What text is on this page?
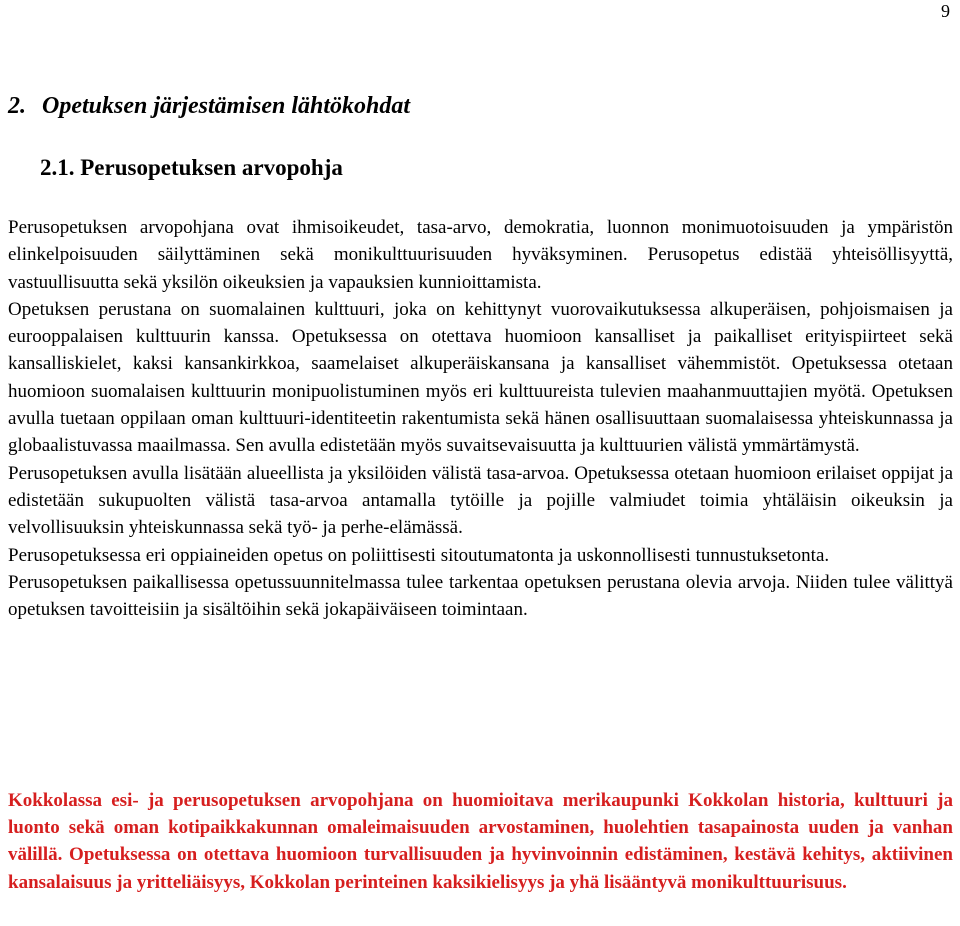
9
2. Opetuksen järjestämisen lähtökohdat
2.1. Perusopetuksen arvopohja

Perusopetuksen arvopohjana ovat ihmisoikeudet, tasa-arvo, demokratia, luonnon monimuotoisuuden ja ympäristön elinkelpoisuuden säilyttäminen sekä monikulttuurisuuden hyväksyminen. Perusopetus edistää yhteisöllisyyttä, vastuullisuutta sekä yksilön oikeuksien ja vapauksien kunnioittamista.

Opetuksen perustana on suomalainen kulttuuri, joka on kehittynyt vuorovaikutuksessa alkuperäisen, pohjoismaisen ja eurooppalaisen kulttuurin kanssa. Opetuksessa on otettava huomioon kansalliset ja paikalliset erityispiirteet sekä kansalliskielet, kaksi kansankirkkoa, saamelaiset alkuperäiskansana ja kansalliset vähemmistöt. Opetuksessa otetaan huomioon suomalaisen kulttuurin monipuolistuminen myös eri kulttuureista tulevien maahanmuuttajien myötä. Opetuksen avulla tuetaan oppilaan oman kulttuuri-identiteetin rakentumista sekä hänen osallisuuttaan suomalaisessa yhteiskunnassa ja globaalistuvassa maailmassa. Sen avulla edistetään myös suvaitsevaisuutta ja kulttuurien välistä ymmärtämystä.

Perusopetuksen avulla lisätään alueellista ja yksilöiden välistä tasa-arvoa. Opetuksessa otetaan huomioon erilaiset oppijat ja edistetään sukupuolten välistä tasa-arvoa antamalla tytöille ja pojille valmiudet toimia yhtäläisin oikeuksin ja velvollisuuksin yhteiskunnassa sekä työ- ja perhe-elämässä.

Perusopetuksessa eri oppiaineiden opetus on poliittisesti sitoutumatonta ja uskonnollisesti tunnustuksetonta.

Perusopetuksen paikallisessa opetussuunnitelmassa tulee tarkentaa opetuksen perustana olevia arvoja. Niiden tulee välittyä opetuksen tavoitteisiin ja sisältöihin sekä jokapäiväiseen toimintaan.

Kokkolassa esi- ja perusopetuksen arvopohjana on huomioitava merikaupunki Kokkolan historia, kulttuuri ja luonto sekä oman kotipaikkakunnan omaleimaisuuden arvostaminen, huolehtien tasapainosta uuden ja vanhan välillä. Opetuksessa on otettava huomioon turvallisuuden ja hyvinvoinnin edistäminen, kestävä kehitys, aktiivinen kansalaisuus ja yritteliäisyys, Kokkolan perinteinen kaksikielisyys ja yhä lisääntyvä monikulttuurisuus.
